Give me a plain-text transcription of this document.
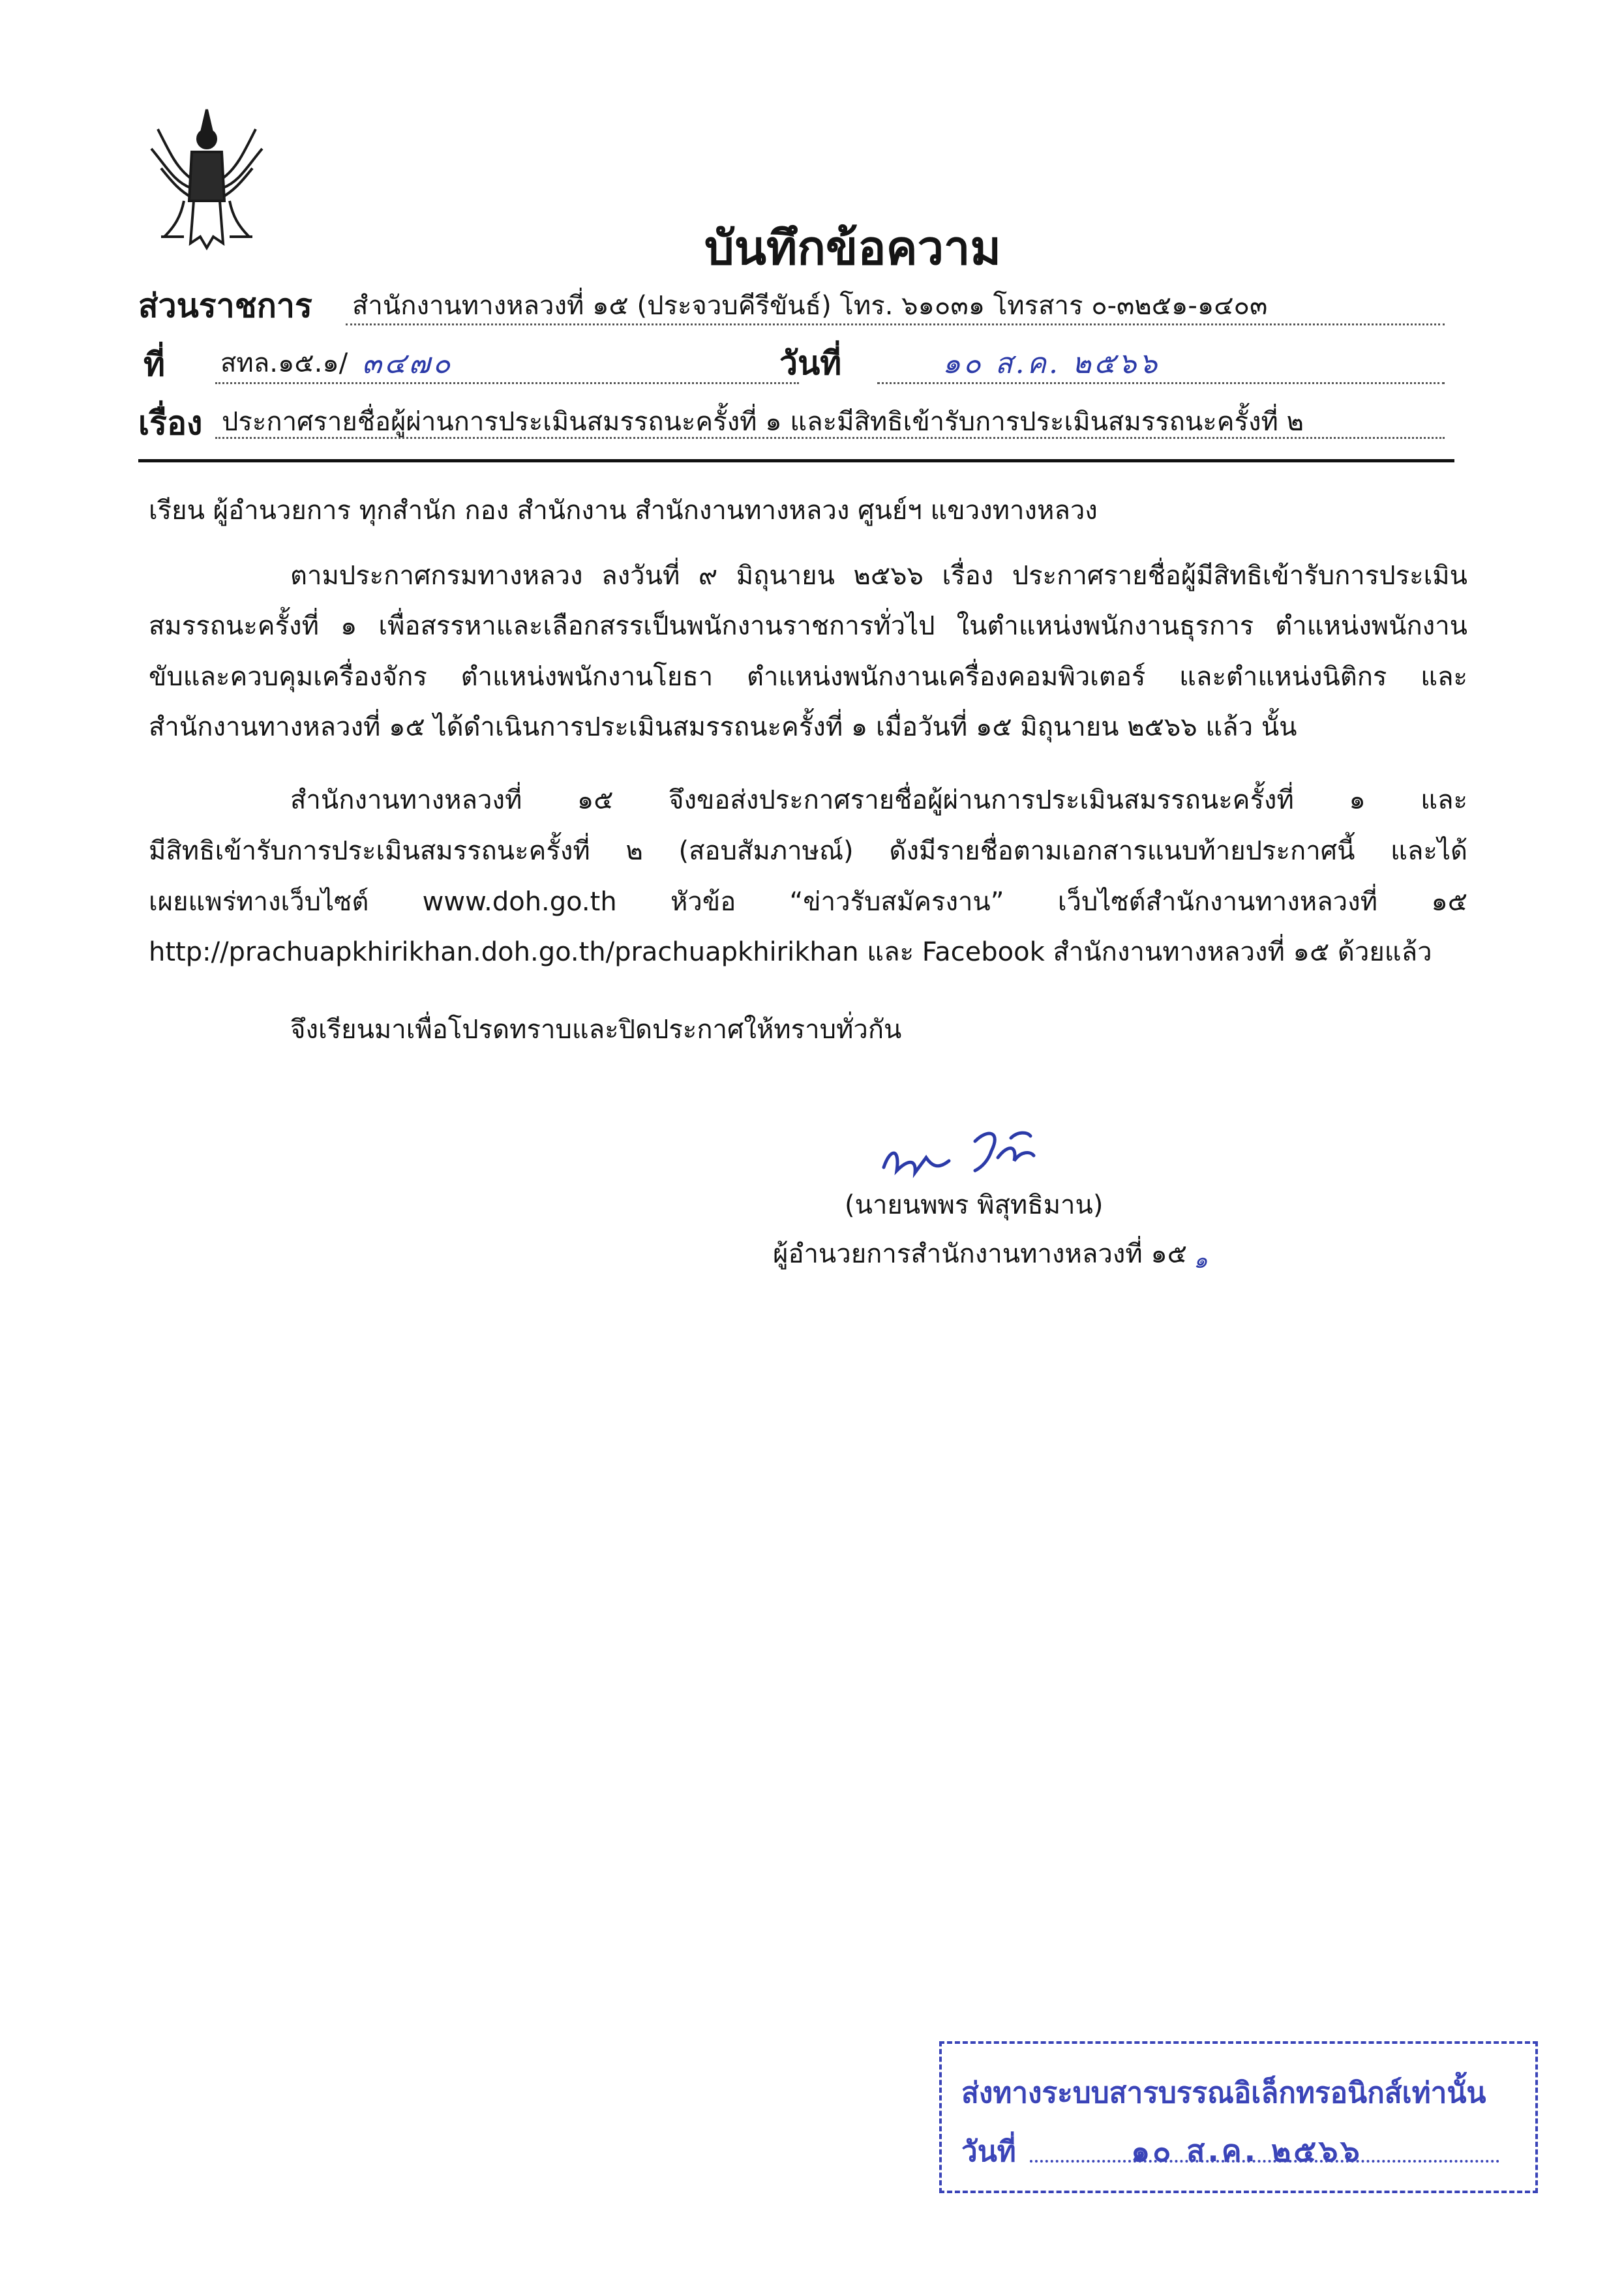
บันทึกข้อความ
ส่วนราชการ สำนักงานทางหลวงที่ ๑๕ (ประจวบคีรีขันธ์) โทร. ๖๑๐๓๑ โทรสาร ๐-๓๒๕๑-๑๔๐๓
ที่ สทล.๑๕.๑/ ๓๔๗๐	วันที่	๑๐ ส.ค. ๒๕๖๖
เรื่อง ประกาศรายชื่อผู้ผ่านการประเมินสมรรถนะครั้งที่ ๑ และมีสิทธิเข้ารับการประเมินสมรรถนะครั้งที่ ๒
เรียน ผู้อำนวยการ ทุกสำนัก กอง สำนักงาน สำนักงานทางหลวง ศูนย์ฯ แขวงทางหลวง
ตามประกาศกรมทางหลวง ลงวันที่ ๙ มิถุนายน ๒๕๖๖ เรื่อง ประกาศรายชื่อผู้มีสิทธิเข้ารับการประเมิน
สมรรถนะครั้งที่ ๑ เพื่อสรรหาและเลือกสรรเป็นพนักงานราชการทั่วไป ในตำแหน่งพนักงานธุรการ ตำแหน่งพนักงาน
ขับและควบคุมเครื่องจักร ตำแหน่งพนักงานโยธา ตำแหน่งพนักงานเครื่องคอมพิวเตอร์ และตำแหน่งนิติกร และ
สำนักงานทางหลวงที่ ๑๕ ได้ดำเนินการประเมินสมรรถนะครั้งที่ ๑ เมื่อวันที่ ๑๕ มิถุนายน ๒๕๖๖ แล้ว นั้น
สำนักงานทางหลวงที่ ๑๕ จึงขอส่งประกาศรายชื่อผู้ผ่านการประเมินสมรรถนะครั้งที่ ๑ และ
มีสิทธิเข้ารับการประเมินสมรรถนะครั้งที่ ๒ (สอบสัมภาษณ์) ดังมีรายชื่อตามเอกสารแนบท้ายประกาศนี้ และได้
เผยแพร่ทางเว็บไซต์ www.doh.go.th หัวข้อ “ข่าวรับสมัครงาน” เว็บไซต์สำนักงานทางหลวงที่ ๑๕
http://prachuapkhirikhan.doh.go.th/prachuapkhirikhan และ Facebook สำนักงานทางหลวงที่ ๑๕ ด้วยแล้ว
จึงเรียนมาเพื่อโปรดทราบและปิดประกาศให้ทราบทั่วกัน
(นายนพพร พิสุทธิมาน)
ผู้อำนวยการสำนักงานทางหลวงที่ ๑๕ ๑
ส่งทางระบบสารบรรณอิเล็กทรอนิกส์เท่านั้น
วันที่	๑๐ ส.ค. ๒๕๖๖
